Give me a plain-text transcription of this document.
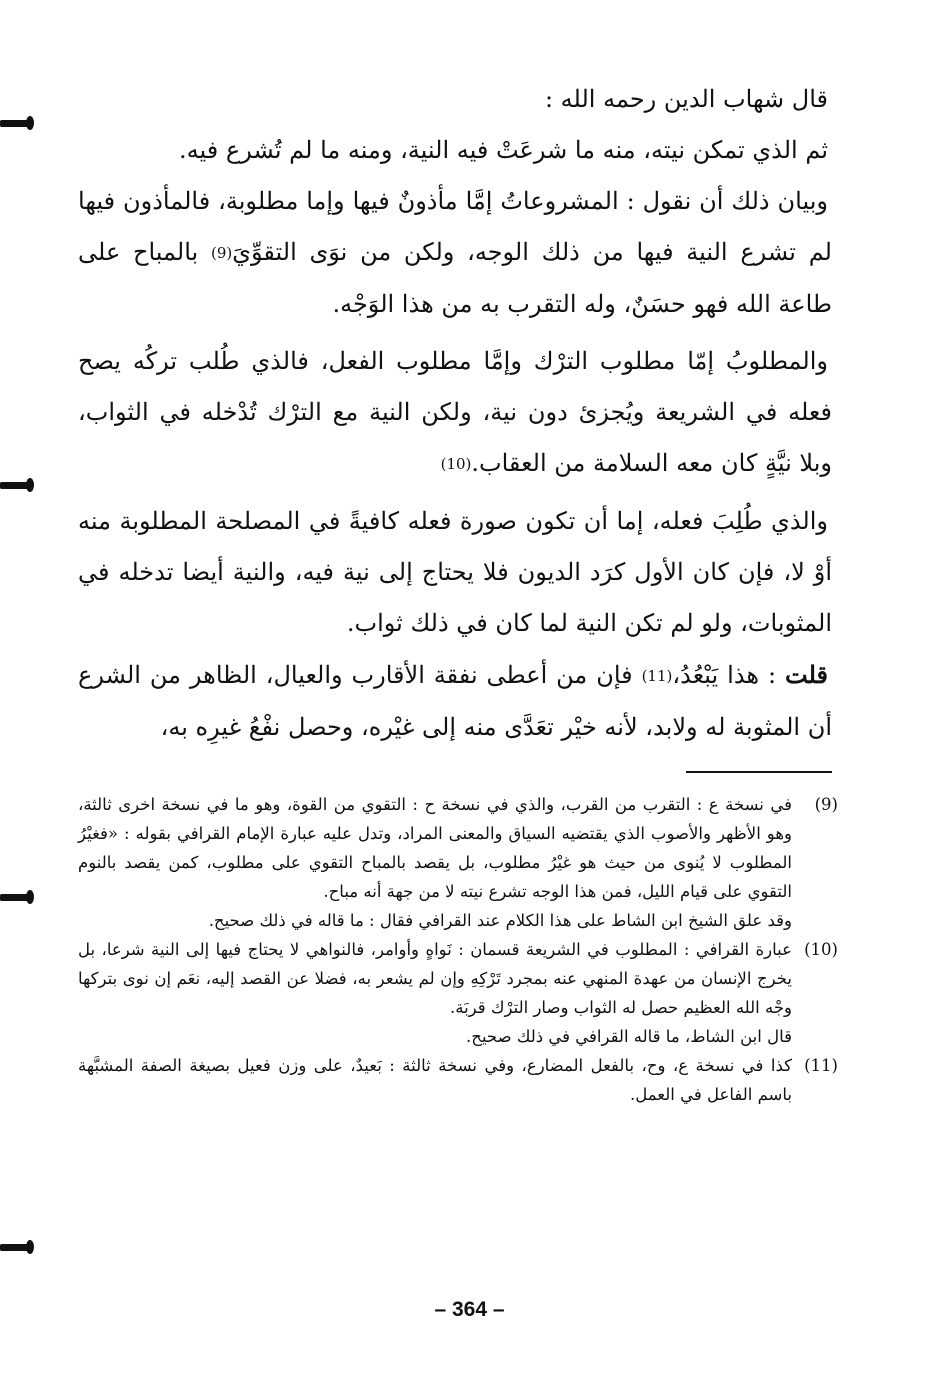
قال شهاب الدين رحمه الله :

ثم الذي تمكن نيته، منه ما شرعَتْ فيه النية، ومنه ما لم تُشرع فيه.

وبيان ذلك أن نقول : المشروعاتُ إمَّا مأذونٌ فيها وإما مطلوبة، فالمأذون فيها لم تشرع النية فيها من ذلك الوجه، ولكن من نوَى التقوِّيَ(9) بالمباح على طاعة الله فهو حسَنٌ، وله التقرب به من هذا الوَجْه.

والمطلوبُ إمّا مطلوب الترْك وإمَّا مطلوب الفعل، فالذي طُلب تركُه يصح فعله في الشريعة ويُجزئ دون نية، ولكن النية مع الترْك تُدْخله في الثواب، وبلا نيَّةٍ كان معه السلامة من العقاب.(10)

والذي طُلِبَ فعله، إما أن تكون صورة فعله كافيةً في المصلحة المطلوبة منه أوْ لا، فإن كان الأول كرَد الديون فلا يحتاج إلى نية فيه، والنية أيضا تدخله في المثوبات، ولو لم تكن النية لما كان في ذلك ثواب.

قلت : هذا يَبْعُدُ،(11) فإن من أعطى نفقة الأقارب والعيال، الظاهر من الشرع أن المثوبة له ولابد، لأنه خيْر تعَدَّى منه إلى غيْره، وحصل نفْعُ غيرِه به،

(9)

في نسخة ع : التقرب من القرب، والذي في نسخة ح : التقوي من القوة، وهو ما في نسخة اخرى ثالثة، وهو الأظهر والأصوب الذي يقتضيه السياق والمعنى المراد، وتدل عليه عبارة الإمام القرافي بقوله : «فغيْرُ المطلوب لا يُنوى من حيث هو غيْرُ مطلوب، بل يقصد بالمباح التقوي على مطلوب، كمن يقصد بالنوم التقوي على قيام الليل، فمن هذا الوجه تشرع نيته لا من جهة أنه مباح.

وقد علق الشيخ ابن الشاط على هذا الكلام عند القرافي فقال : ما قاله في ذلك صحيح.

(10)

عبارة القرافي : المطلوب في الشريعة قسمان : نَواهٍ وأوامر، فالنواهي لا يحتاج فيها إلى النية شرعا، بل يخرج الإنسان من عهدة المنهي عنه بمجرد تَرْكِهِ وإن لم يشعر به، فضلا عن القصد إليه، نعَم إن نوى بتركها وجْه الله العظيم حصل له الثواب وصار الترْك قربَة.

قال ابن الشاط، ما قاله القرافي في ذلك صحيح.

(11)

كذا في نسخة ع، وح، بالفعل المضارع، وفي نسخة ثالثة : بَعيدٌ، على وزن فعيل بصيغة الصفة المشبَّهة باسم الفاعل في العمل.

– 364 –
